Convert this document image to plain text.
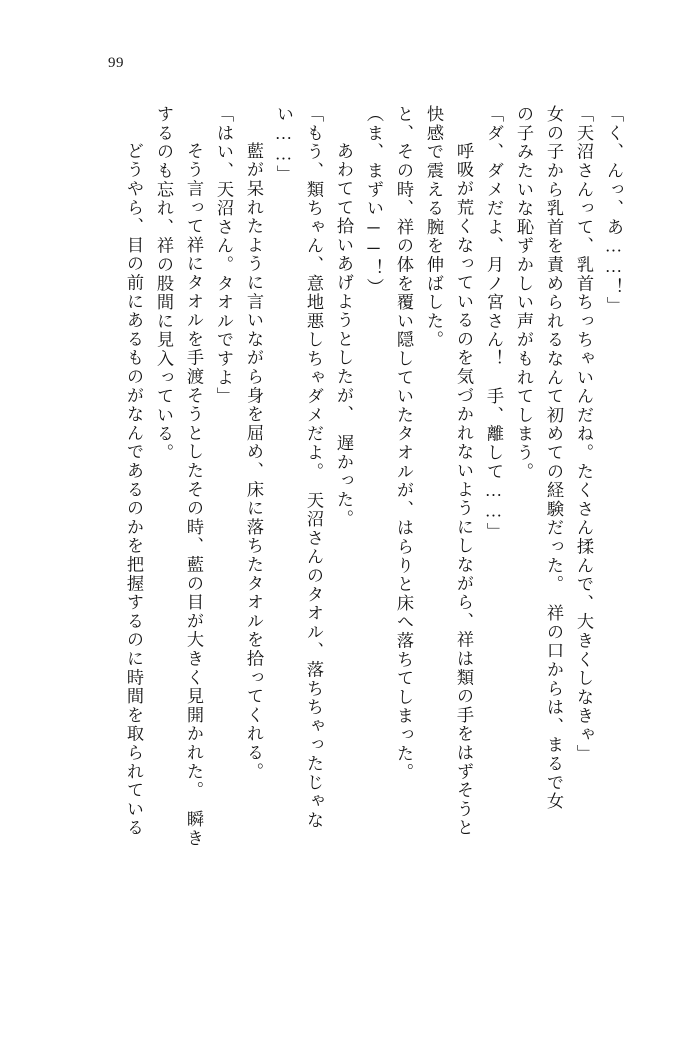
99
「く、んっ、あ……！」
「天沼さんって、乳首ちっちゃいんだね。たくさん揉んで、大きくしなきゃ」
女の子から乳首を責められるなんて初めての経験だった。　祥の口からは、まるで女
の子みたいな恥ずかしい声がもれてしまう。
「ダ、ダメだよ、月ノ宮さん！　手、離して……」
　呼吸が荒くなっているのを気づかれないようにしながら、祥は類の手をはずそうと
快感で震える腕を伸ばした。
と、その時、祥の体を覆い隠していたタオルが、はらりと床へ落ちてしまった。
（ま、まずい──！）
　あわてて拾いあげようとしたが、　遅かった。
「もう、類ちゃん、意地悪しちゃダメだよ。　天沼さんのタオル、落ちちゃったじゃな
い……」
　藍が呆れたように言いながら身を屈め、床に落ちたタオルを拾ってくれる。
「はい、天沼さん。タオルですよ」
　そう言って祥にタオルを手渡そうとしたその時、藍の目が大きく見開かれた。　瞬き
するのも忘れ、祥の股間に見入っている。
　どうやら、目の前にあるものがなんであるのかを把握するのに時間を取られている
